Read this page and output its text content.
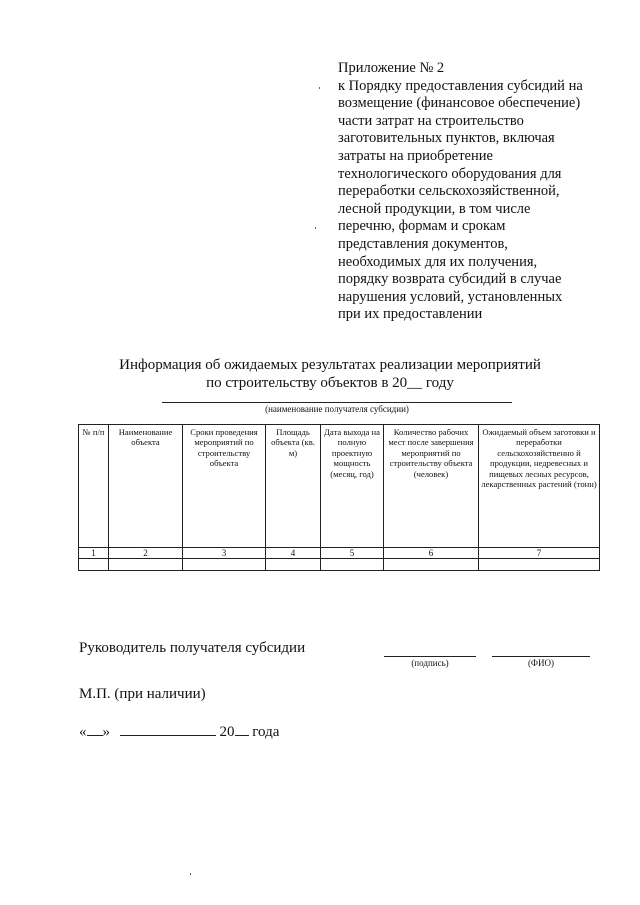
Приложение № 2
к Порядку предоставления субсидий на
возмещение (финансовое обеспечение)
части затрат на строительство
заготовительных пунктов, включая
затраты на приобретение
технологического оборудования для
переработки сельскохозяйственной,
лесной продукции, в том числе
перечню, формам и срокам
представления документов,
необходимых для их получения,
порядку возврата субсидий в случае
нарушения условий, установленных
при их предоставлении
Информация об ожидаемых результатах реализации мероприятий
по строительству объектов в 20__ году
(наименование получателя субсидии)
№ п/п	Наименование объекта	Сроки проведения мероприятий по строительству объекта	Площадь объекта (кв. м)	Дата выхода на полную проектную мощность (месяц, год)	Количество рабочих мест после завершения мероприятий по строительству объекта (человек)	Ожидаемый объем заготовки и переработки сельскохозяйственно й продукции, недревесных и пищевых лесных ресурсов, лекарственных растений (тонн)
1	2	3	4	5	6	7

Руководитель получателя субсидии
(подпись)	(ФИО)
М.П. (при наличии)
« »	20 года
